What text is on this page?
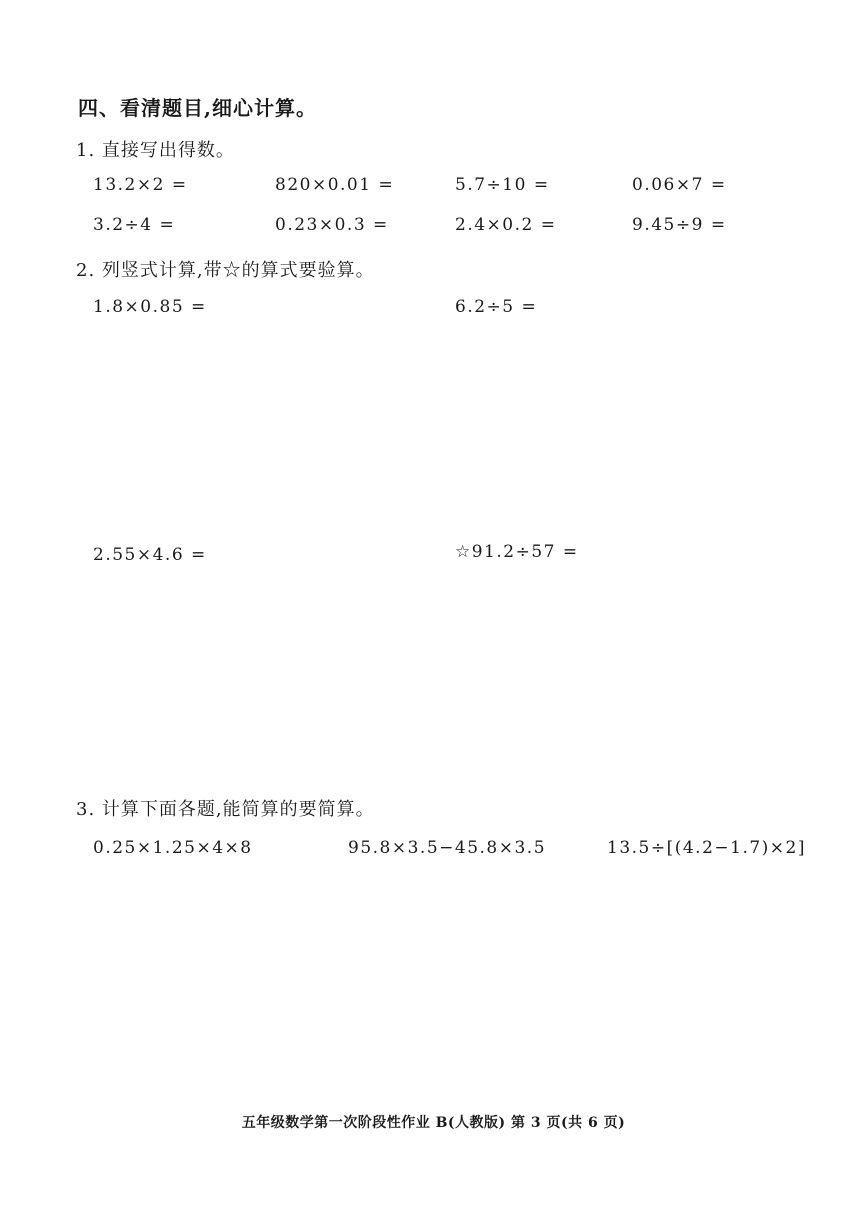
四、看清题目,细心计算。
1. 直接写出得数。
13.2×2 =	820×0.01 =	5.7÷10 =	0.06×7 =
3.2÷4 =	0.23×0.3 =	2.4×0.2 =	9.45÷9 =
2. 列竖式计算,带☆的算式要验算。
1.8×0.85 =	6.2÷5 =
2.55×4.6 =	☆91.2÷57 =
3. 计算下面各题,能简算的要简算。
0.25×1.25×4×8	95.8×3.5−45.8×3.5	13.5÷[(4.2−1.7)×2]
五年级数学第一次阶段性作业 B(人教版) 第 3 页(共 6 页)
